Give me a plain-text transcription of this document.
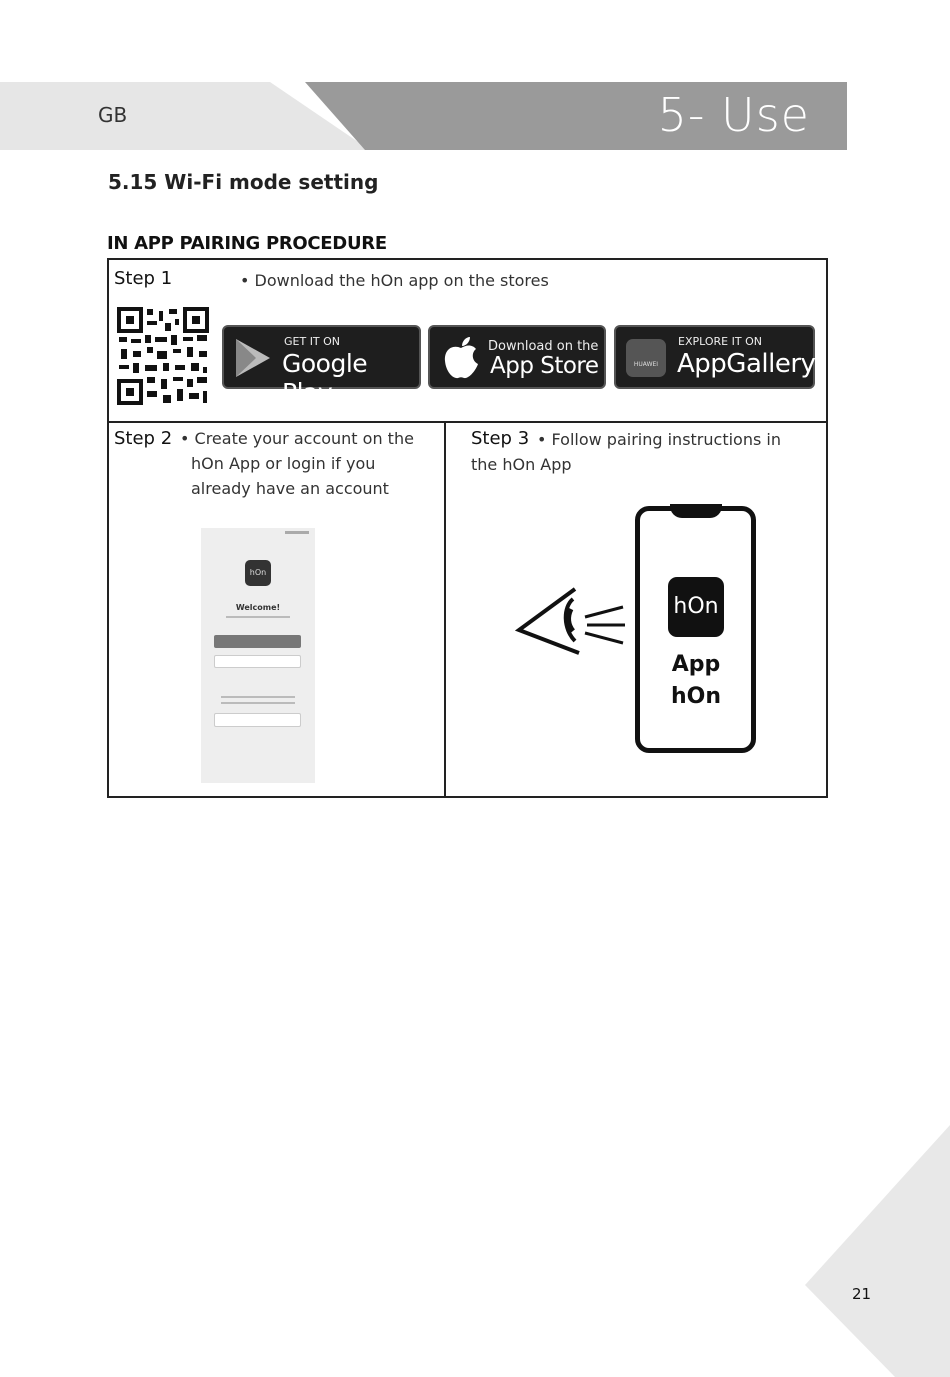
GB	5- Use
5.15 Wi-Fi mode setting
IN APP PAIRING PROCEDURE
Step 1	• Download the hOn app on the stores
GET IT ON
Google Play
Download on the
App Store	HUAWEI
EXPLORE IT ON
AppGallery
Step 2 • Create your account on the
hOn App or login if you
already have an account
hOn
Welcome!
Step 3 • Follow pairing instructions in
the hOn App
hOn
App
hOn
21
